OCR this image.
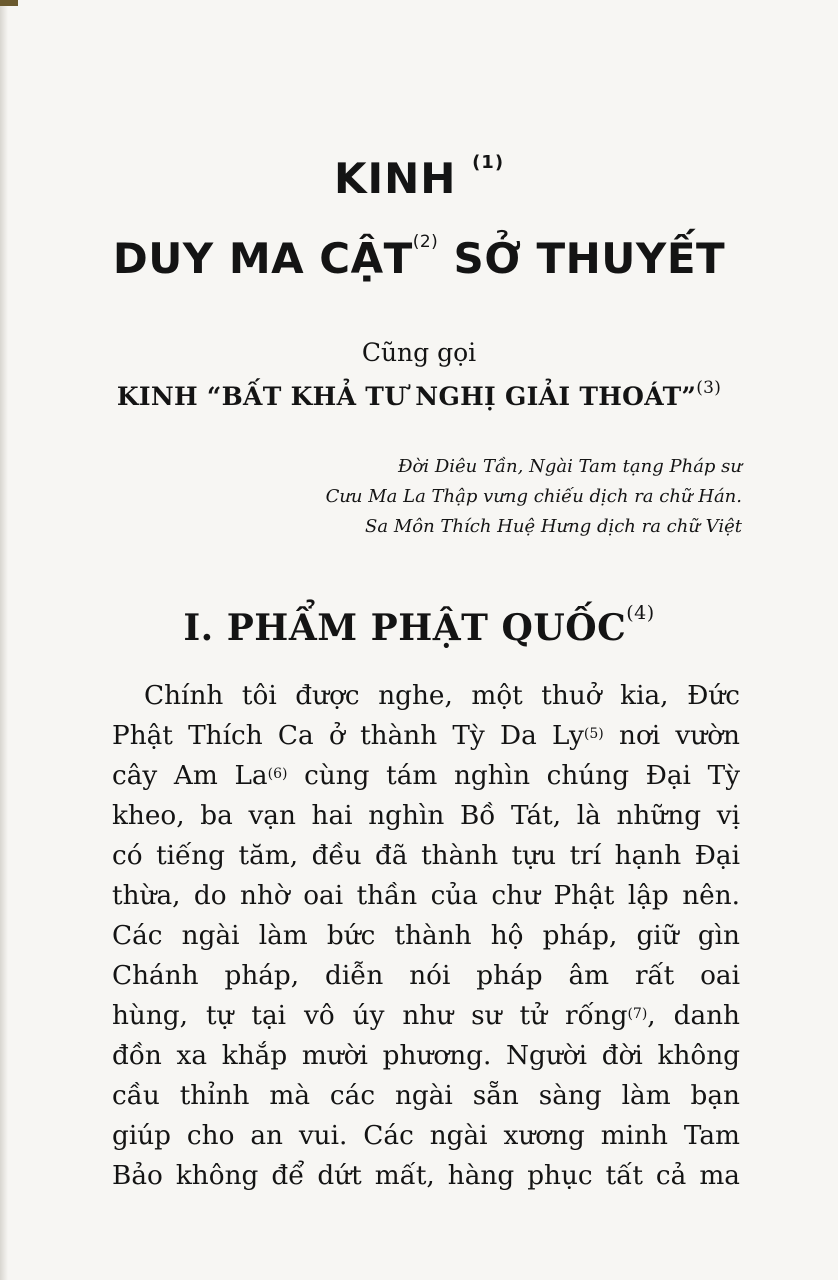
KINH $^{(1)}$
DUY MA CẬT$^{(2)}$ SỞ THUYẾT
Cũng gọi
KINH “BẤT KHẢ TƯ NGHỊ GIẢI THOÁT”$^{(3)}$
Đời Diêu Tần, Ngài Tam tạng Pháp sư
Cưu Ma La Thập vưng chiếu dịch ra chữ Hán.
Sa Môn Thích Huệ Hưng dịch ra chữ Việt
I. PHẨM PHẬT QUỐC$^{(4)}$
Chính tôi được nghe, một thuở kia, Đức
Phật Thích Ca ở thành Tỳ Da Ly$^{(5)}$ nơi vườn
cây Am La$^{(6)}$ cùng tám nghìn chúng Đại Tỳ
kheo, ba vạn hai nghìn Bồ Tát, là những vị
có tiếng tăm, đều đã thành tựu trí hạnh Đại
thừa, do nhờ oai thần của chư Phật lập nên.
Các ngài làm bức thành hộ pháp, giữ gìn
Chánh pháp, diễn nói pháp âm rất oai
hùng, tự tại vô úy như sư tử rống$^{(7)}$, danh
đồn xa khắp mười phương. Người đời không
cầu thỉnh mà các ngài sẵn sàng làm bạn
giúp cho an vui. Các ngài xương minh Tam
Bảo không để dứt mất, hàng phục tất cả ma
